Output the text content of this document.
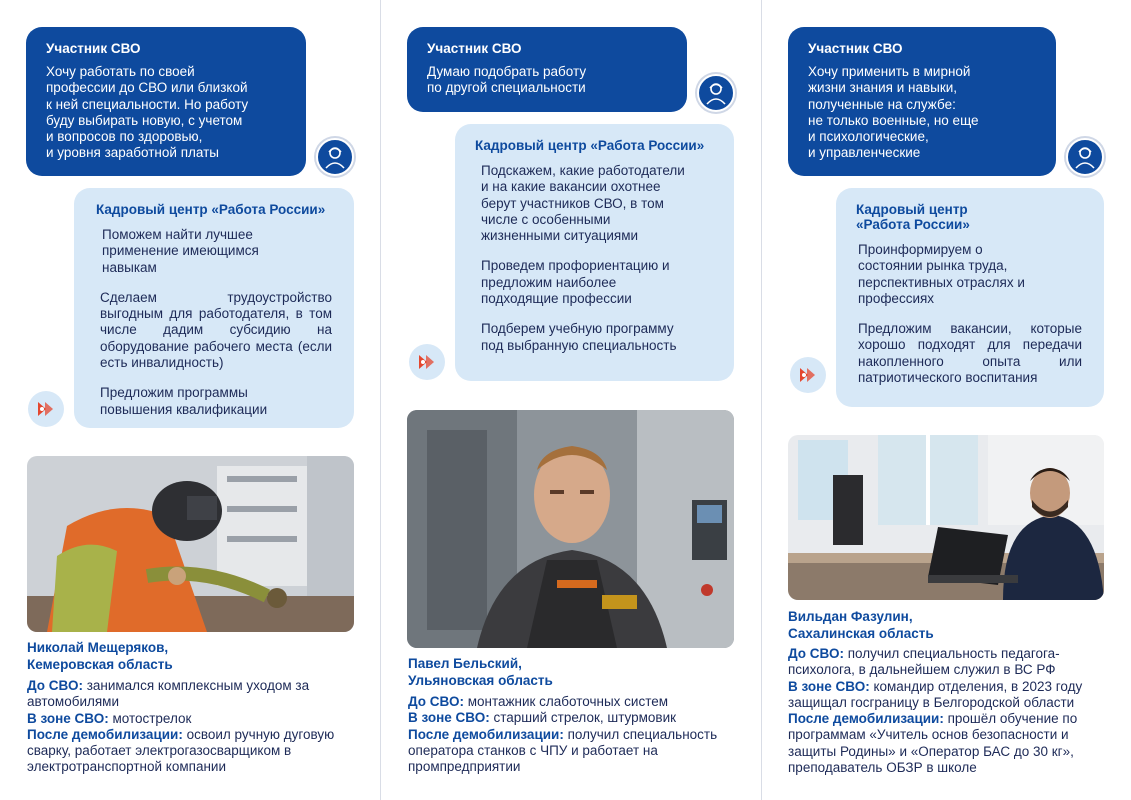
Участник СВО
Хочу работать по своей
профессии до СВО или близкой
к ней специальности. Но работу
буду выбирать новую, с учетом
и вопросов по здоровью,
и уровня заработной платы
Кадровый центр «Работа России»
Поможем найти лучшее
применение имеющимся
навыкам
Сделаем трудоустройство выгодным для работодателя, в том числе дадим субсидию на оборудование рабочего места (если есть инвалидность)
Предложим программы
повышения квалификации
Николай Мещеряков,
Кемеровская область

До СВО: занимался комплексным уходом за автомобилями

В зоне СВО: мотострелок

После демобилизации: освоил ручную дуговую сварку, работает электрогазосварщиком в электротранспортной компании

Участник СВО
Думаю подобрать работу
по другой специальности
Кадровый центр «Работа России»
Подскажем, какие работодатели
и на какие вакансии охотнее
берут участников СВО, в том
числе с особенными
жизненными ситуациями
Проведем профориентацию и
предложим наиболее
подходящие профессии
Подберем учебную программу
под выбранную специальность
Павел Бельский,
Ульяновская область

До СВО: монтажник слаботочных систем

В зоне СВО: старший стрелок, штурмовик

После демобилизации: получил специальность оператора станков с ЧПУ и работает на промпредприятии

Участник СВО
Хочу применить в мирной
жизни знания и навыки,
полученные на службе:
не только военные, но еще
и психологические,
и управленческие
Кадровый центр
«Работа России»
Проинформируем о
состоянии рынка труда,
перспективных отраслях и
профессиях
Предложим вакансии, которые хорошо подходят для передачи накопленного опыта или патриотического воспитания
Вильдан Фазулин,
Сахалинская область

До СВО: получил специальность педагога-психолога, в дальнейшем служил в ВС РФ

В зоне СВО: командир отделения, в 2023 году защищал госграницу в Белгородской области

После демобилизации: прошёл обучение по программам «Учитель основ безопасности и защиты Родины» и «Оператор БАС до 30 кг», преподаватель ОБЗР в школе
